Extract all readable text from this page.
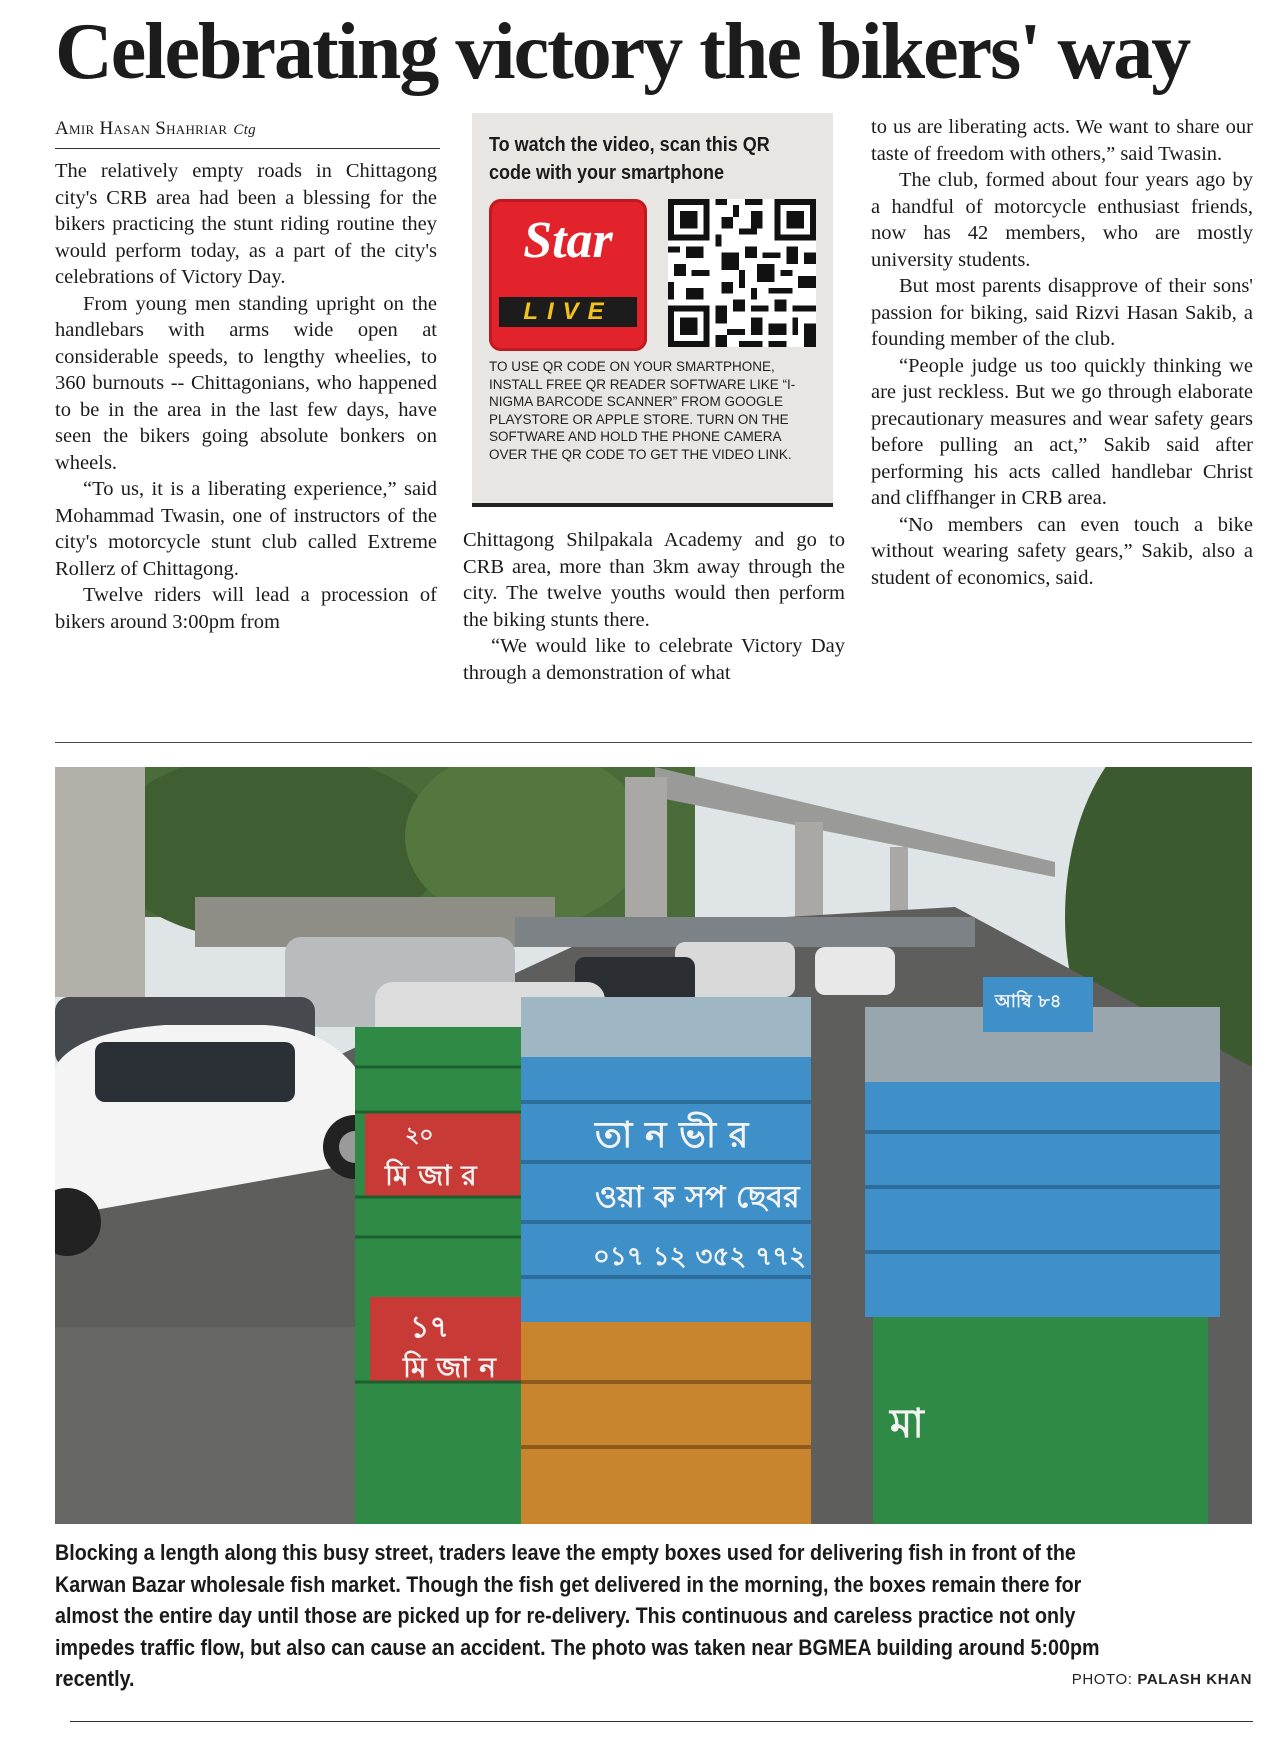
Celebrating victory the bikers' way
Amir Hasan Shahriar Ctg

The relatively empty roads in Chittagong city's CRB area had been a blessing for the bikers practicing the stunt riding routine they would perform today, as a part of the city's celebrations of Victory Day.

From young men standing upright on the handlebars with arms wide open at considerable speeds, to lengthy wheelies, to 360 burnouts -- Chittagonians, who happened to be in the area in the last few days, have seen the bikers going absolute bonkers on wheels.

“To us, it is a liberating experience,” said Mohammad Twasin, one of instructors of the city's motorcycle stunt club called Extreme Rollerz of Chittagong.

Twelve riders will lead a procession of bikers around 3:00pm from

To watch the video, scan this QR code with your smartphone
Star
LIVE
TO USE QR CODE ON YOUR SMARTPHONE, INSTALL FREE QR READER SOFTWARE LIKE “I-NIGMA BARCODE SCANNER” FROM GOOGLE PLAYSTORE OR APPLE STORE. TURN ON THE SOFTWARE AND HOLD THE PHONE CAMERA OVER THE QR CODE TO GET THE VIDEO LINK.

Chittagong Shilpakala Academy and go to CRB area, more than 3km away through the city. The twelve youths would then perform the biking stunts there.

“We would like to celebrate Victory Day through a demonstration of what

to us are liberating acts. We want to share our taste of freedom with others,” said Twasin.

The club, formed about four years ago by a handful of motorcycle enthusiast friends, now has 42 members, who are mostly university students.

But most parents disapprove of their sons' passion for biking, said Rizvi Hasan Sakib, a founding member of the club.

“People judge us too quickly thinking we are just reckless. But we go through elaborate precautionary measures and wear safety gears before pulling an act,” Sakib said after performing his acts called handlebar Christ and cliffhanger in CRB area.

“No members can even touch a bike without wearing safety gears,” Sakib, also a student of economics, said.

২০
মি জা র
১৭
মি জা ন
তা ন ভী র
ওয়া ক সপ ছেবর
০১৭ ১২ ৩৫২ ৭৭২
মা
আম্বি ৮৪
Blocking a length along this busy street, traders leave the empty boxes used for delivering fish in front of the Karwan Bazar wholesale fish market. Though the fish get delivered in the morning, the boxes remain there for almost the entire day until those are picked up for re-delivery. This continuous and careless practice not only impedes traffic flow, but also can cause an accident. The photo was taken near BGMEA building around 5:00pm recently.	PHOTO: PALASH KHAN
